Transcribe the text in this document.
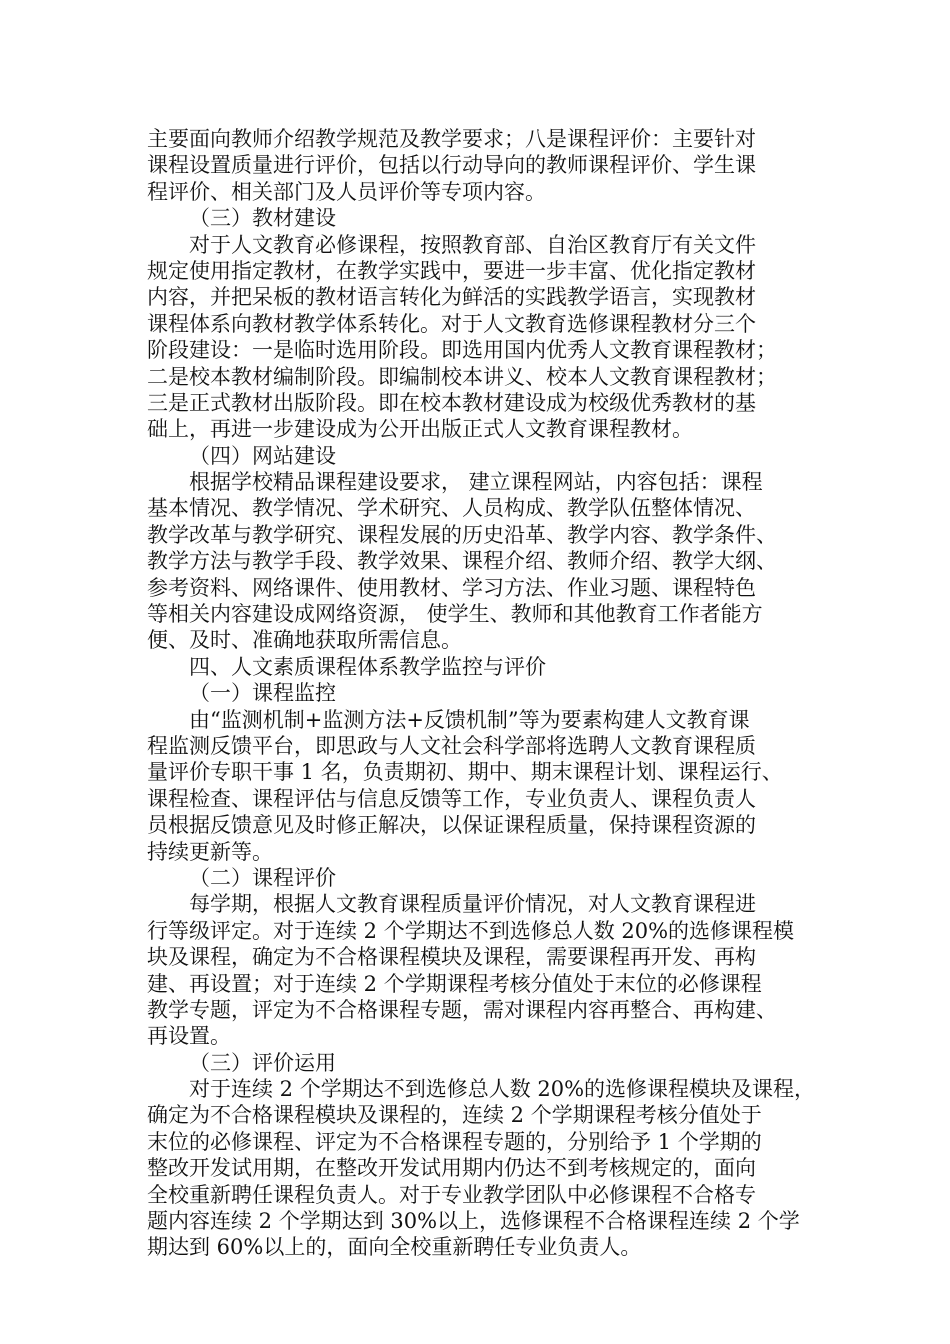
主要面向教师介绍教学规范及教学要求；八是课程评价：主要针对
课程设置质量进行评价，包括以行动导向的教师课程评价、学生课
程评价、相关部门及人员评价等专项内容。
（三）教材建设
对于人文教育必修课程，按照教育部、自治区教育厅有关文件
规定使用指定教材，在教学实践中，要进一步丰富、优化指定教材
内容，并把呆板的教材语言转化为鲜活的实践教学语言，实现教材
课程体系向教材教学体系转化。对于人文教育选修课程教材分三个
阶段建设：一是临时选用阶段。即选用国内优秀人文教育课程教材；
二是校本教材编制阶段。即编制校本讲义、校本人文教育课程教材；
三是正式教材出版阶段。即在校本教材建设成为校级优秀教材的基
础上，再进一步建设成为公开出版正式人文教育课程教材。
（四）网站建设
根据学校精品课程建设要求， 建立课程网站，内容包括：课程
基本情况、教学情况、学术研究、人员构成、教学队伍整体情况、
教学改革与教学研究、课程发展的历史沿革、教学内容、教学条件、
教学方法与教学手段、教学效果、课程介绍、教师介绍、教学大纲、
参考资料、网络课件、使用教材、学习方法、作业习题、课程特色
等相关内容建设成网络资源， 使学生、教师和其他教育工作者能方
便、及时、准确地获取所需信息。
四、人文素质课程体系教学监控与评价
（一）课程监控
由“监测机制+监测方法+反馈机制”等为要素构建人文教育课
程监测反馈平台，即思政与人文社会科学部将选聘人文教育课程质
量评价专职干事 1 名，负责期初、期中、期末课程计划、课程运行、
课程检查、课程评估与信息反馈等工作，专业负责人、课程负责人
员根据反馈意见及时修正解决，以保证课程质量，保持课程资源的
持续更新等。
（二）课程评价
每学期，根据人文教育课程质量评价情况，对人文教育课程进
行等级评定。对于连续 2 个学期达不到选修总人数 20%的选修课程模
块及课程，确定为不合格课程模块及课程，需要课程再开发、再构
建、再设置；对于连续 2 个学期课程考核分值处于末位的必修课程
教学专题，评定为不合格课程专题，需对课程内容再整合、再构建、
再设置。
（三）评价运用
对于连续 2 个学期达不到选修总人数 20%的选修课程模块及课程，
确定为不合格课程模块及课程的，连续 2 个学期课程考核分值处于
末位的必修课程、评定为不合格课程专题的，分别给予 1 个学期的
整改开发试用期，在整改开发试用期内仍达不到考核规定的，面向
全校重新聘任课程负责人。对于专业教学团队中必修课程不合格专
题内容连续 2 个学期达到 30%以上，选修课程不合格课程连续 2 个学
期达到 60%以上的，面向全校重新聘任专业负责人。
